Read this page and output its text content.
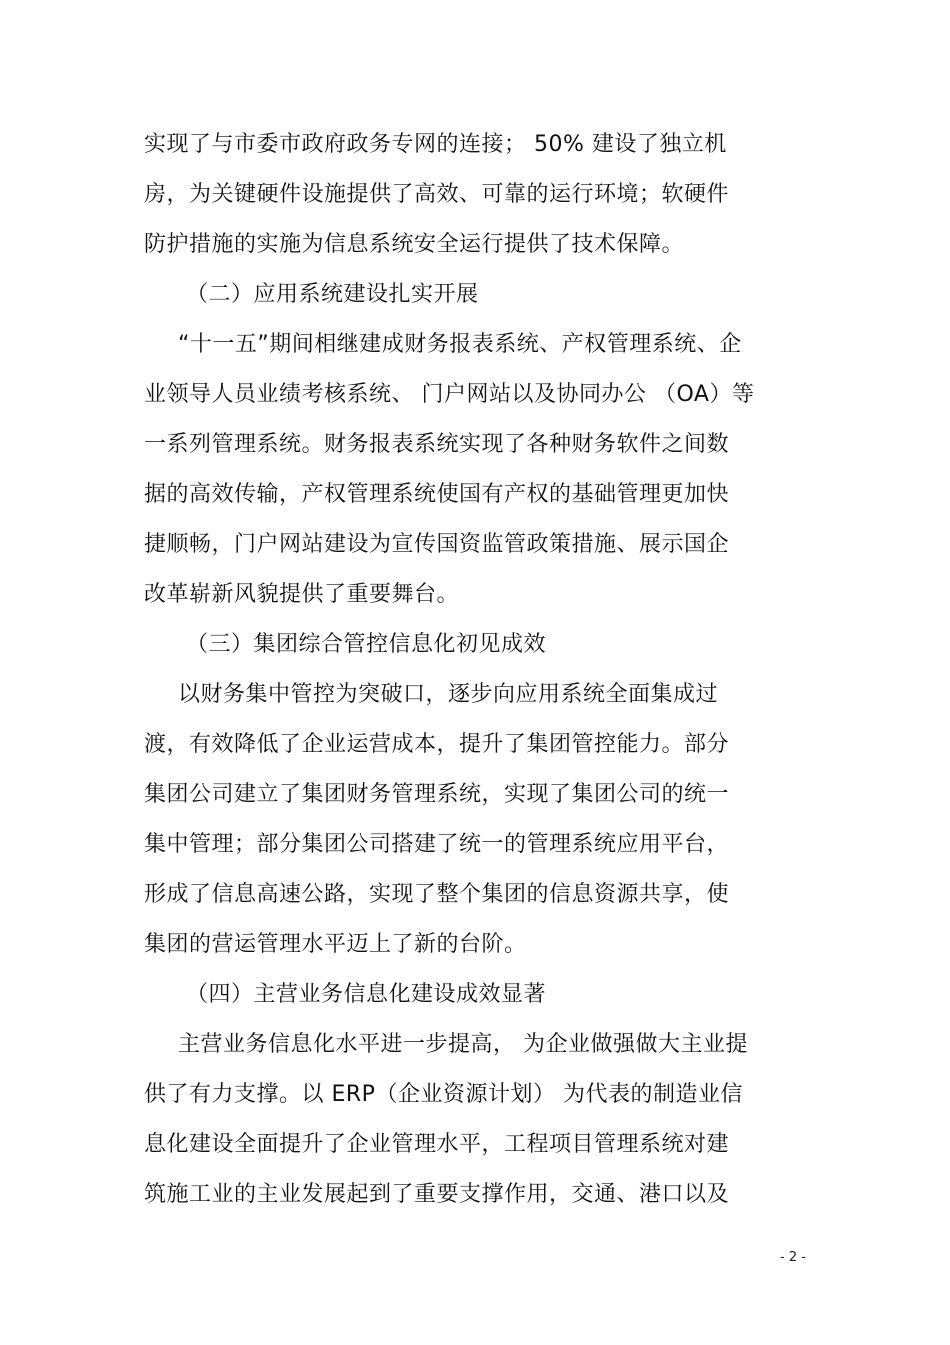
实现了与市委市政府政务专网的连接； 50% 建设了独立机
房，为关键硬件设施提供了高效、可靠的运行环境；软硬件
防护措施的实施为信息系统安全运行提供了技术保障。
（二）应用系统建设扎实开展
“十一五”期间相继建成财务报表系统、产权管理系统、企
业领导人员业绩考核系统、 门户网站以及协同办公 （OA）等
一系列管理系统。财务报表系统实现了各种财务软件之间数
据的高效传输，产权管理系统使国有产权的基础管理更加快
捷顺畅，门户网站建设为宣传国资监管政策措施、展示国企
改革崭新风貌提供了重要舞台。
（三）集团综合管控信息化初见成效
以财务集中管控为突破口，逐步向应用系统全面集成过
渡，有效降低了企业运营成本，提升了集团管控能力。部分
集团公司建立了集团财务管理系统，实现了集团公司的统一
集中管理；部分集团公司搭建了统一的管理系统应用平台，
形成了信息高速公路，实现了整个集团的信息资源共享，使
集团的营运管理水平迈上了新的台阶。
（四）主营业务信息化建设成效显著
主营业务信息化水平进一步提高， 为企业做强做大主业提
供了有力支撑。以 ERP（企业资源计划） 为代表的制造业信
息化建设全面提升了企业管理水平，工程项目管理系统对建
筑施工业的主业发展起到了重要支撑作用，交通、港口以及
- 2 -
